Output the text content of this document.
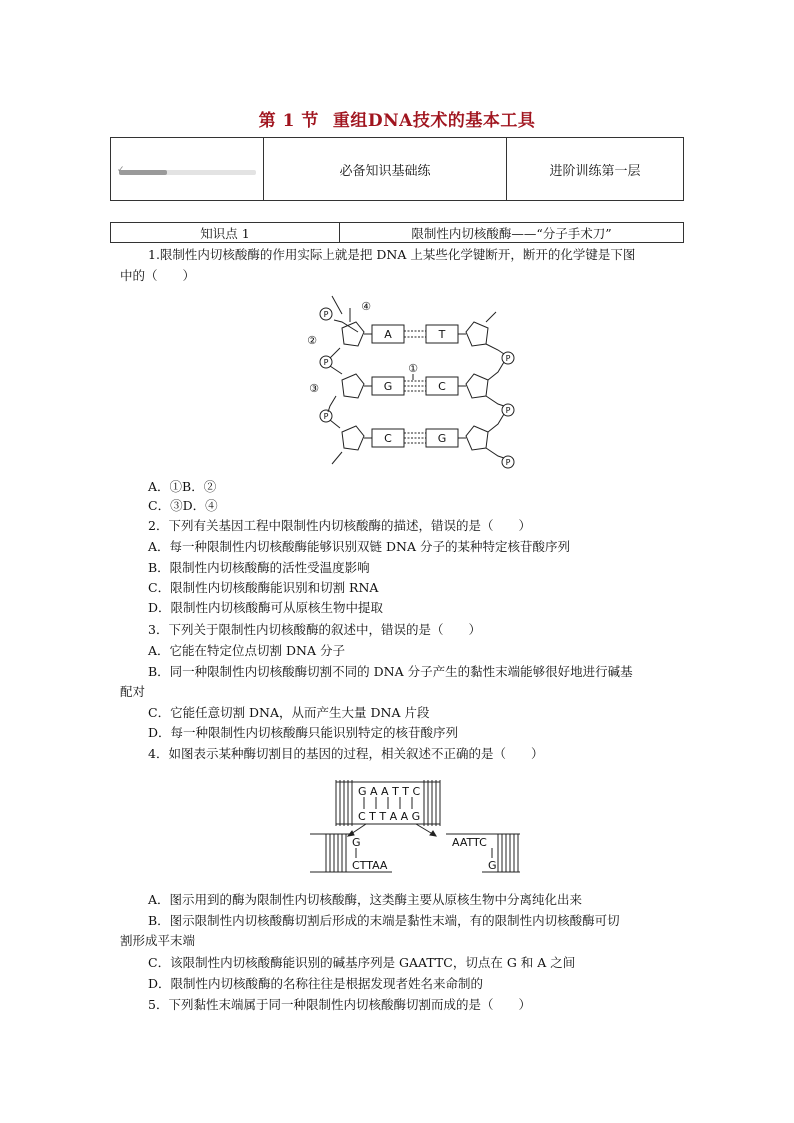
第 1 节 重组DNA技术的基本工具
✓	必备知识基础练	进阶训练第一层
知识点 1	限制性内切核酸酶——“分子手术刀”
1.限制性内切核酸酶的作用实际上就是把 DNA 上某些化学键断开，断开的化学键是下图
中的（　　）
P
P
P
P
P
P
A
G
C
T
C
G
①
②
③
④
A．①B．②
C．③D．④
2．下列有关基因工程中限制性内切核酸酶的描述，错误的是（　　）
A．每一种限制性内切核酸酶能够识别双链 DNA 分子的某种特定核苷酸序列
B．限制性内切核酸酶的活性受温度影响
C．限制性内切核酸酶能识别和切割 RNA
D．限制性内切核酸酶可从原核生物中提取
3．下列关于限制性内切核酸酶的叙述中，错误的是（　　）
A．它能在特定位点切割 DNA 分子
B．同一种限制性内切核酸酶切割不同的 DNA 分子产生的黏性末端能够很好地进行碱基
配对
C．它能任意切割 DNA，从而产生大量 DNA 片段
D．每一种限制性内切核酸酶只能识别特定的核苷酸序列
4．如图表示某种酶切割目的基因的过程，相关叙述不正确的是（　　）
G A A T T C
C T T A A G
G
CTTAA
AATTC
G
A．图示用到的酶为限制性内切核酸酶，这类酶主要从原核生物中分离纯化出来
B．图示限制性内切核酸酶切割后形成的末端是黏性末端，有的限制性内切核酸酶可切
割形成平末端
C．该限制性内切核酸酶能识别的碱基序列是 GAATTC，切点在 G 和 A 之间
D．限制性内切核酸酶的名称往往是根据发现者姓名来命制的
5．下列黏性末端属于同一种限制性内切核酸酶切割而成的是（　　）
